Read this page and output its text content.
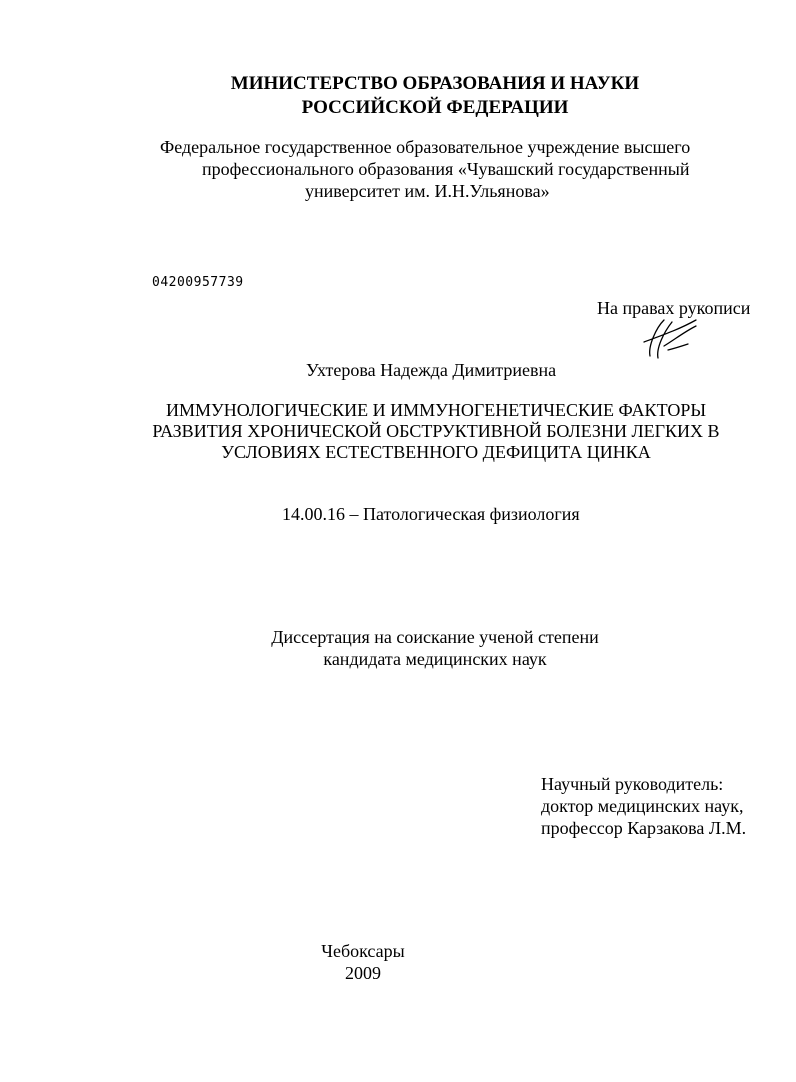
МИНИСТЕРСТВО ОБРАЗОВАНИЯ И НАУКИ
РОССИЙСКОЙ ФЕДЕРАЦИИ
Федеральное государственное образовательное учреждение высшего
профессионального образования «Чувашский государственный
университет им. И.Н.Ульянова»
04200957739
На правах рукописи
Ухтерова Надежда Димитриевна
ИММУНОЛОГИЧЕСКИЕ И ИММУНОГЕНЕТИЧЕСКИЕ ФАКТОРЫ
РАЗВИТИЯ ХРОНИЧЕСКОЙ ОБСТРУКТИВНОЙ БОЛЕЗНИ ЛЕГКИХ В
УСЛОВИЯХ ЕСТЕСТВЕННОГО ДЕФИЦИТА ЦИНКА
14.00.16 – Патологическая физиология
Диссертация на соискание ученой степени
кандидата медицинских наук
Научный руководитель:
доктор медицинских наук,
профессор Карзакова Л.М.
Чебоксары
2009
